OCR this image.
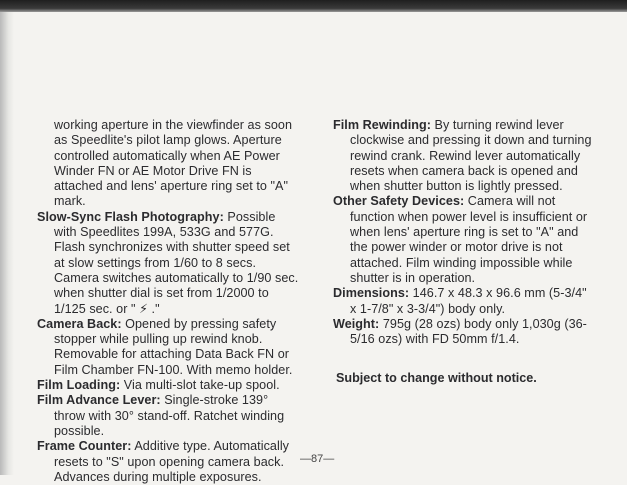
working aperture in the viewfinder as soon as Speedlite's pilot lamp glows. Aperture controlled automatically when AE Power Winder FN or AE Motor Drive FN is attached and lens' aperture ring set to "A" mark.

Slow-Sync Flash Photography: Possible with Speedlites 199A, 533G and 577G. Flash synchronizes with shutter speed set at slow settings from 1/60 to 8 secs. Camera switches automatically to 1/90 sec. when shutter dial is set from 1/2000 to 1/125 sec. or " ⚡ ."

Camera Back: Opened by pressing safety stopper while pulling up rewind knob. Removable for attaching Data Back FN or Film Chamber FN-100. With memo holder.

Film Loading: Via multi-slot take-up spool.

Film Advance Lever: Single-stroke 139° throw with 30° stand-off. Ratchet winding possible.

Frame Counter: Additive type. Automatically resets to "S" upon opening camera back. Advances during multiple exposures.

Film Rewinding: By turning rewind lever clockwise and pressing it down and turning rewind crank. Rewind lever automatically resets when camera back is opened and when shutter button is lightly pressed.

Other Safety Devices: Camera will not function when power level is insufficient or when lens' aperture ring is set to "A" and the power winder or motor drive is not attached. Film winding impossible while shutter is in operation.

Dimensions: 146.7 x 48.3 x 96.6 mm (5-3/4" x 1-7/8" x 3-3/4") body only.

Weight: 795g (28 ozs) body only 1,030g (36-5/16 ozs) with FD 50mm f/1.4.

Subject to change without notice.
—87—
